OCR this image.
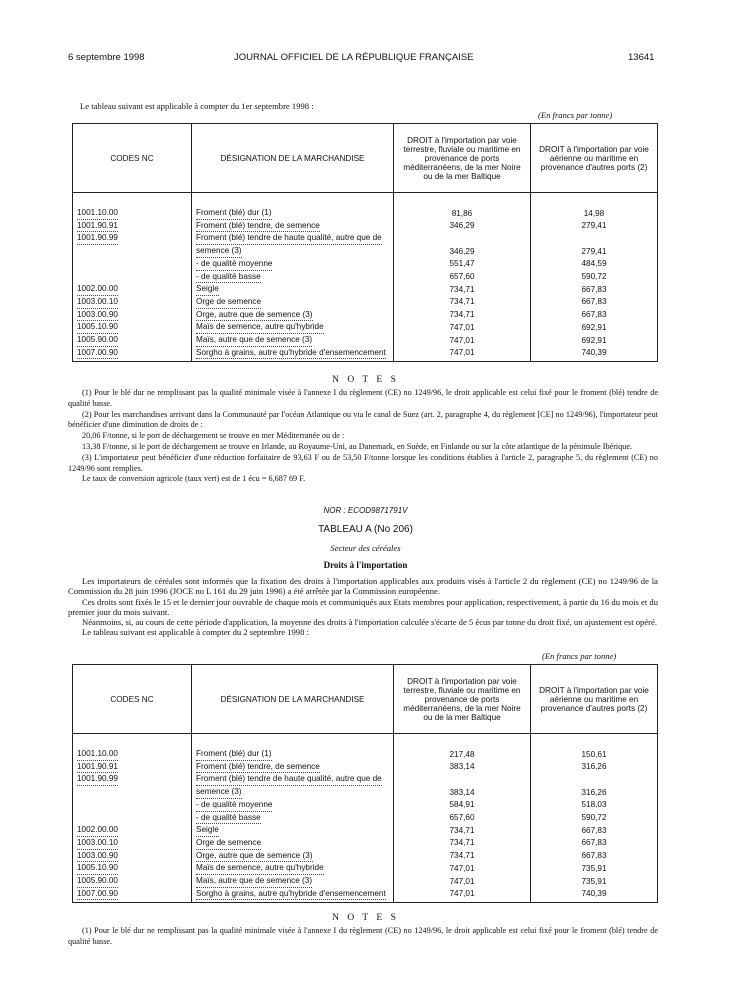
6 septembre 1998	JOURNAL OFFICIEL DE LA RÉPUBLIQUE FRANÇAISE	13641
Le tableau suivant est applicable à compter du 1er septembre 1998 :
(En francs par tonne)
CODES NC	DÉSIGNATION DE LA MARCHANDISE	DROIT à l'importation par voie terrestre, fluviale ou maritime en provenance de ports méditerranéens, de la mer Noire ou de la mer Baltique	DROIT à l'importation par voie aérienne ou maritime en provenance d'autres ports (2)

1001.10.00	Froment (blé) dur (1)	81,86	14,98
1001.90.91	Froment (blé) tendre, de semence	346,29	279,41
1001.90.99	Froment (blé) tendre de haute qualité, autre que de		
	semence (3)	346,29	279,41
	- de qualité moyenne	551,47	484,59
	- de qualité basse	657,60	590,72
1002.00.00	Seigle	734,71	667,83
1003.00.10	Orge de semence	734,71	667,83
1003.00.90	Orge, autre que de semence (3)	734,71	667,83
1005.10.90	Maïs de semence, autre qu'hybride	747,01	692,91
1005.90.00	Maïs, autre que de semence (3)	747,01	692,91
1007.00.90	Sorgho à grains, autre qu'hybride d'ensemencement	747,01	740,39
N O T E S

(1) Pour le blé dur ne remplissant pas la qualité minimale visée à l'annexe I du règlement (CE) no 1249/96, le droit applicable est celui fixé pour le froment (blé) tendre de qualité basse.

(2) Pour les marchandises arrivant dans la Communauté par l'océan Atlantique ou via le canal de Suez (art. 2, paragraphe 4, du règlement [CE] no 1249/96), l'importateur peut bénéficier d'une diminution de droits de :

20,06 F/tonne, si le port de déchargement se trouve en mer Méditerranée ou de :

13,38 F/tonne, si le port de déchargement se trouve en Irlande, au Royaume-Uni, au Danemark, en Suède, en Finlande ou sur la côte atlantique de la péninsule Ibérique.

(3) L'importateur peut bénéficier d'une réduction forfaitaire de 93,63 F ou de 53,50 F/tonne lorsque les conditions établies à l'article 2, paragraphe 5, du règlement (CE) no 1249/96 sont remplies.

Le taux de conversion agricole (taux vert) est de 1 écu = 6,687 69 F.

NOR : ECOD9871791V
TABLEAU A (No 206)
Secteur des céréales
Droits à l'importation

Les importateurs de céréales sont informés que la fixation des droits à l'importation applicables aux produits visés à l'article 2 du règlement (CE) no 1249/96 de la Commission du 28 juin 1996 (JOCE no L 161 du 29 juin 1996) a été arrêtée par la Commission européenne.

Ces droits sont fixés le 15 et le dernier jour ouvrable de chaque mois et communiqués aux Etats membres pour application, respectivement, à partir du 16 du mois et du premier jour du mois suivant.

Néanmoins, si, au cours de cette période d'application, la moyenne des droits à l'importation calculée s'écarte de 5 écus par tonne du droit fixé, un ajustement est opéré.

Le tableau suivant est applicable à compter du 2 septembre 1998 :

(En francs par tonne)
CODES NC	DÉSIGNATION DE LA MARCHANDISE	DROIT à l'importation par voie terrestre, fluviale ou maritime en provenance de ports méditerranéens, de la mer Noire ou de la mer Baltique	DROIT à l'importation par voie aérienne ou maritime en provenance d'autres ports (2)

1001.10.00	Froment (blé) dur (1)	217,48	150,61
1001.90.91	Froment (blé) tendre, de semence	383,14	316,26
1001.90.99	Froment (blé) tendre de haute qualité, autre que de		
	semence (3)	383,14	316,26
	- de qualité moyenne	584,91	518,03
	- de qualité basse	657,60	590,72
1002.00.00	Seigle	734,71	667,83
1003.00.10	Orge de semence	734,71	667,83
1003.00.90	Orge, autre que de semence (3)	734,71	667,83
1005.10.90	Maïs de semence, autre qu'hybride	747,01	735,91
1005.90.00	Maïs, autre que de semence (3)	747,01	735,91
1007.00.90	Sorgho à grains, autre qu'hybride d'ensemencement	747,01	740,39
N O T E S

(1) Pour le blé dur ne remplissant pas la qualité minimale visée à l'annexe I du règlement (CE) no 1249/96, le droit applicable est celui fixé pour le froment (blé) tendre de qualité basse.
